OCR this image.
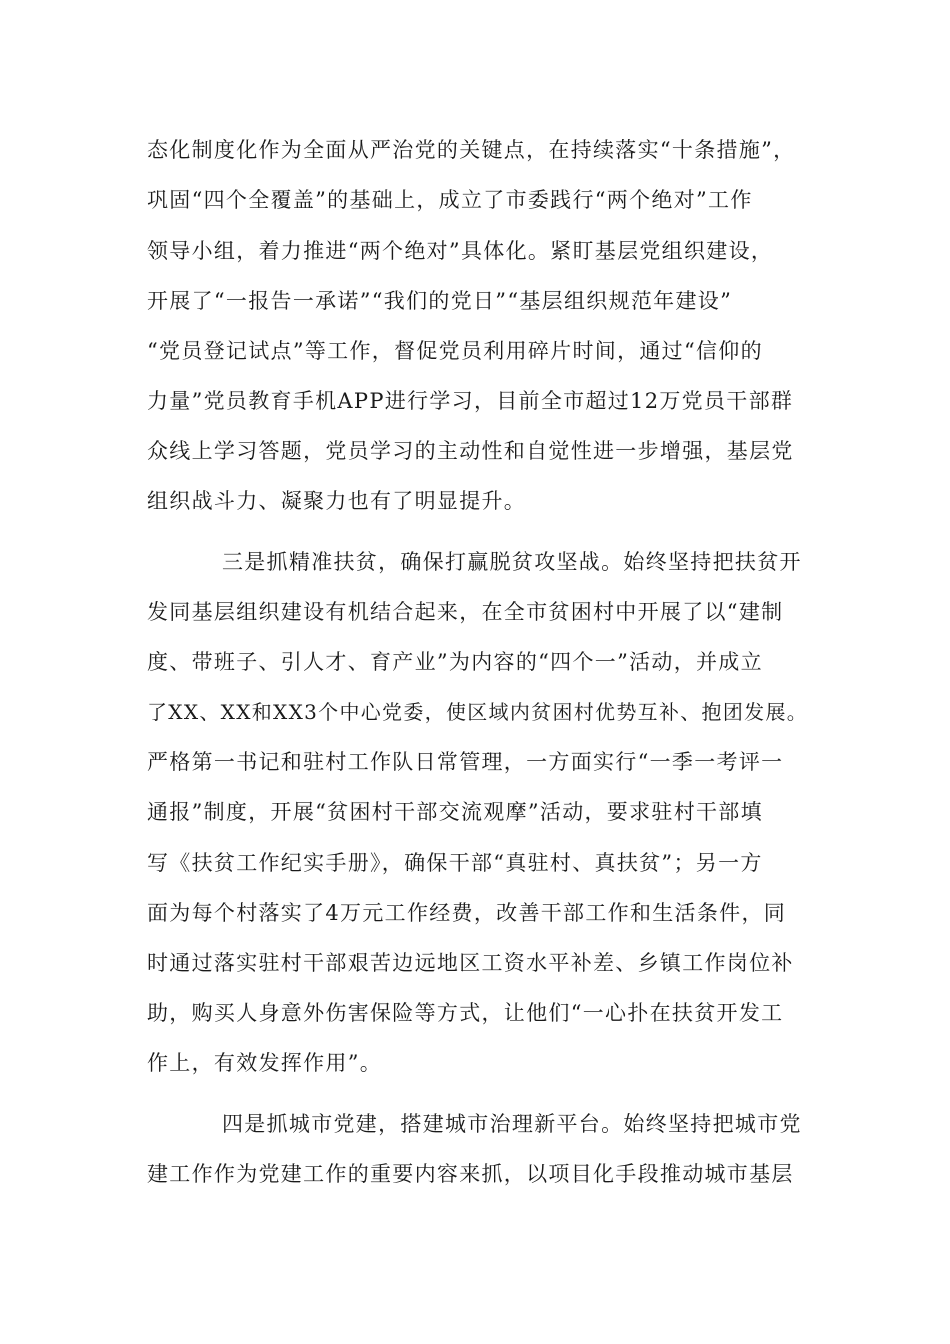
态化制度化作为全面从严治党的关键点，在持续落实“十条措施”，
巩固“四个全覆盖”的基础上，成立了市委践行“两个绝对”工作
领导小组，着力推进“两个绝对”具体化。紧盯基层党组织建设，
开展了“一报告一承诺”“我们的党日”“基层组织规范年建设”
“党员登记试点”等工作，督促党员利用碎片时间，通过“信仰的
力量”党员教育手机APP进行学习，目前全市超过12万党员干部群
众线上学习答题，党员学习的主动性和自觉性进一步增强，基层党
组织战斗力、凝聚力也有了明显提升。
三是抓精准扶贫，确保打赢脱贫攻坚战。始终坚持把扶贫开
发同基层组织建设有机结合起来，在全市贫困村中开展了以“建制
度、带班子、引人才、育产业”为内容的“四个一”活动，并成立
了XX、XX和XX3个中心党委，使区域内贫困村优势互补、抱团发展。
严格第一书记和驻村工作队日常管理，一方面实行“一季一考评一
通报”制度，开展“贫困村干部交流观摩”活动，要求驻村干部填
写《扶贫工作纪实手册》，确保干部“真驻村、真扶贫”；另一方
面为每个村落实了4万元工作经费，改善干部工作和生活条件，同
时通过落实驻村干部艰苦边远地区工资水平补差、乡镇工作岗位补
助，购买人身意外伤害保险等方式，让他们“一心扑在扶贫开发工
作上，有效发挥作用”。
四是抓城市党建，搭建城市治理新平台。始终坚持把城市党
建工作作为党建工作的重要内容来抓，以项目化手段推动城市基层
